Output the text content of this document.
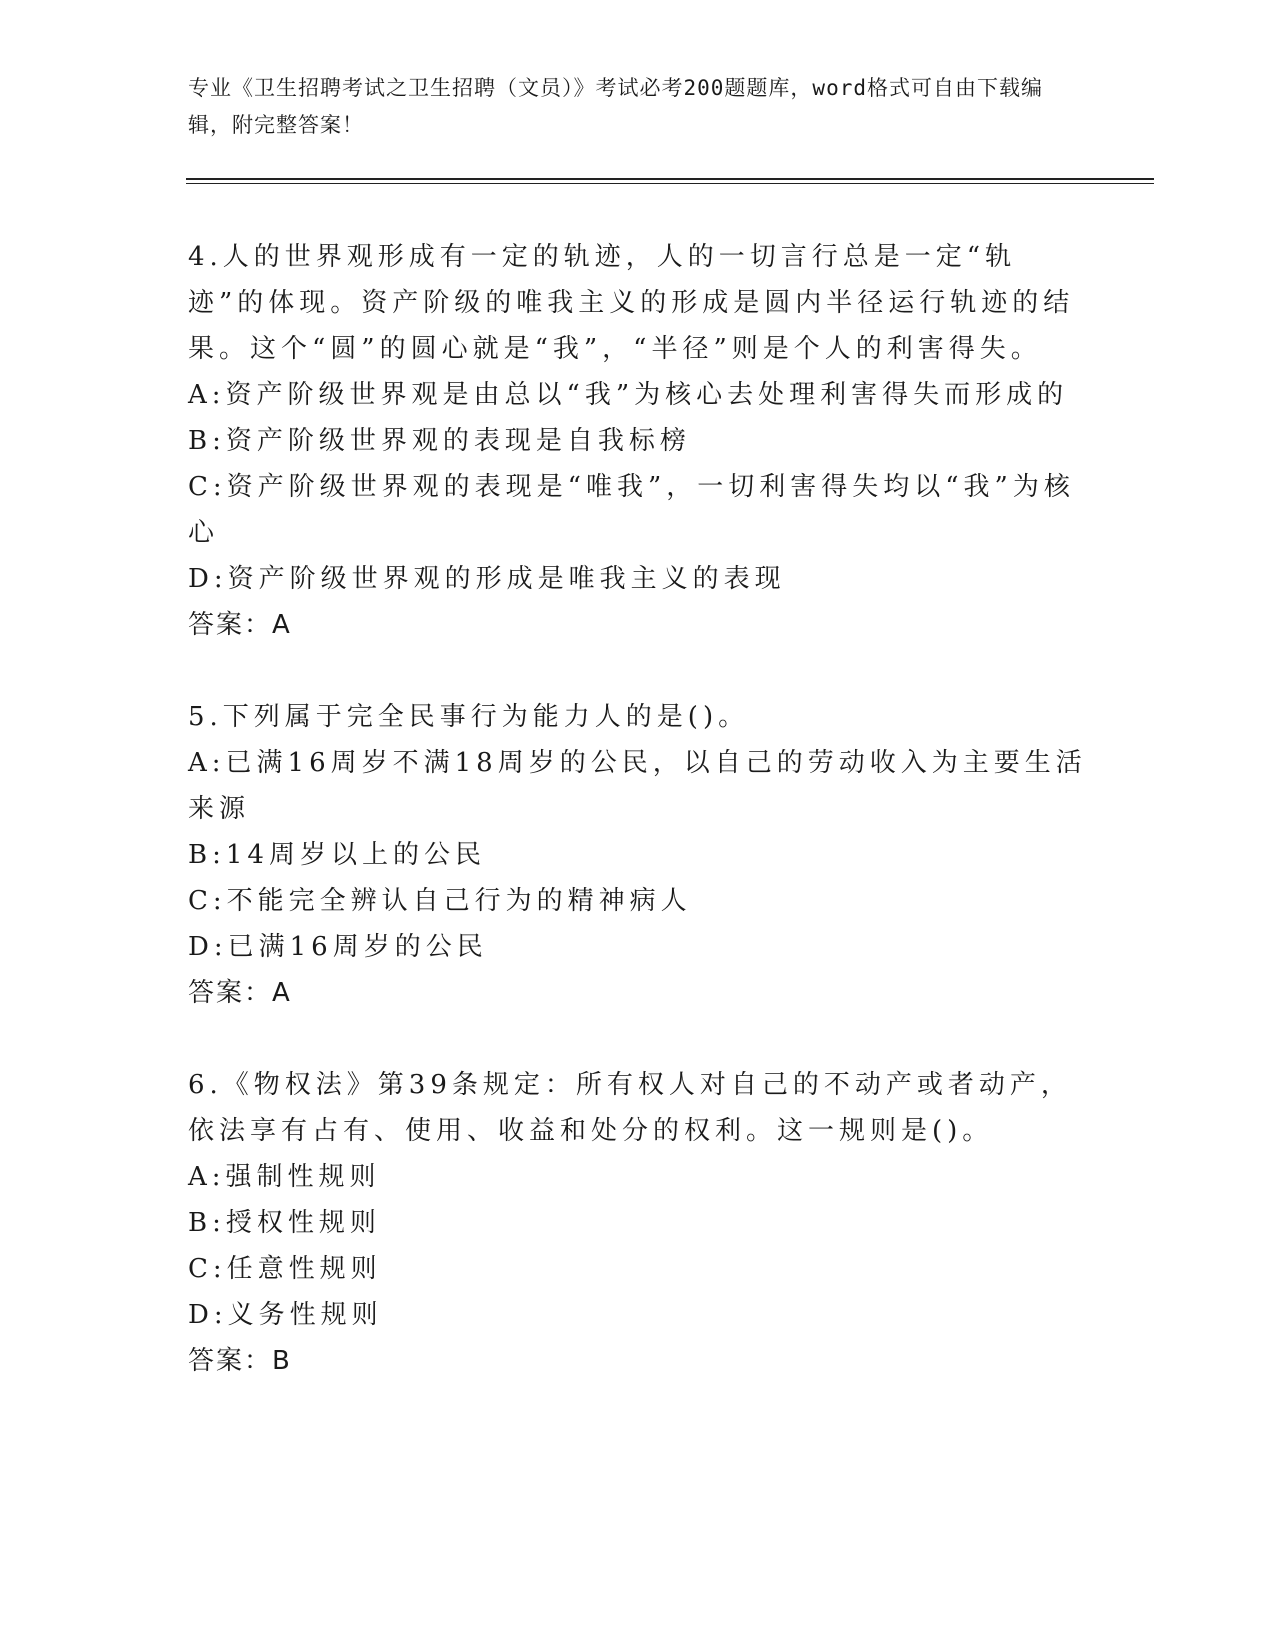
专业《卫生招聘考试之卫生招聘（文员）》考试必考200题题库，word格式可自由下载编辑，附完整答案！

4.人的世界观形成有一定的轨迹，人的一切言行总是一定“轨迹”的体现。资产阶级的唯我主义的形成是圆内半径运行轨迹的结果。这个“圆”的圆心就是“我”，“半径”则是个人的利害得失。

A:资产阶级世界观是由总以“我”为核心去处理利害得失而形成的

B:资产阶级世界观的表现是自我标榜

C:资产阶级世界观的表现是“唯我”，一切利害得失均以“我”为核心

D:资产阶级世界观的形成是唯我主义的表现

答案：A

5.下列属于完全民事行为能力人的是()。

A:已满16周岁不满18周岁的公民，以自己的劳动收入为主要生活来源

B:14周岁以上的公民

C:不能完全辨认自己行为的精神病人

D:已满16周岁的公民

答案：A

6.《物权法》第39条规定：所有权人对自己的不动产或者动产，依法享有占有、使用、收益和处分的权利。这一规则是()。

A:强制性规则

B:授权性规则

C:任意性规则

D:义务性规则

答案：B
